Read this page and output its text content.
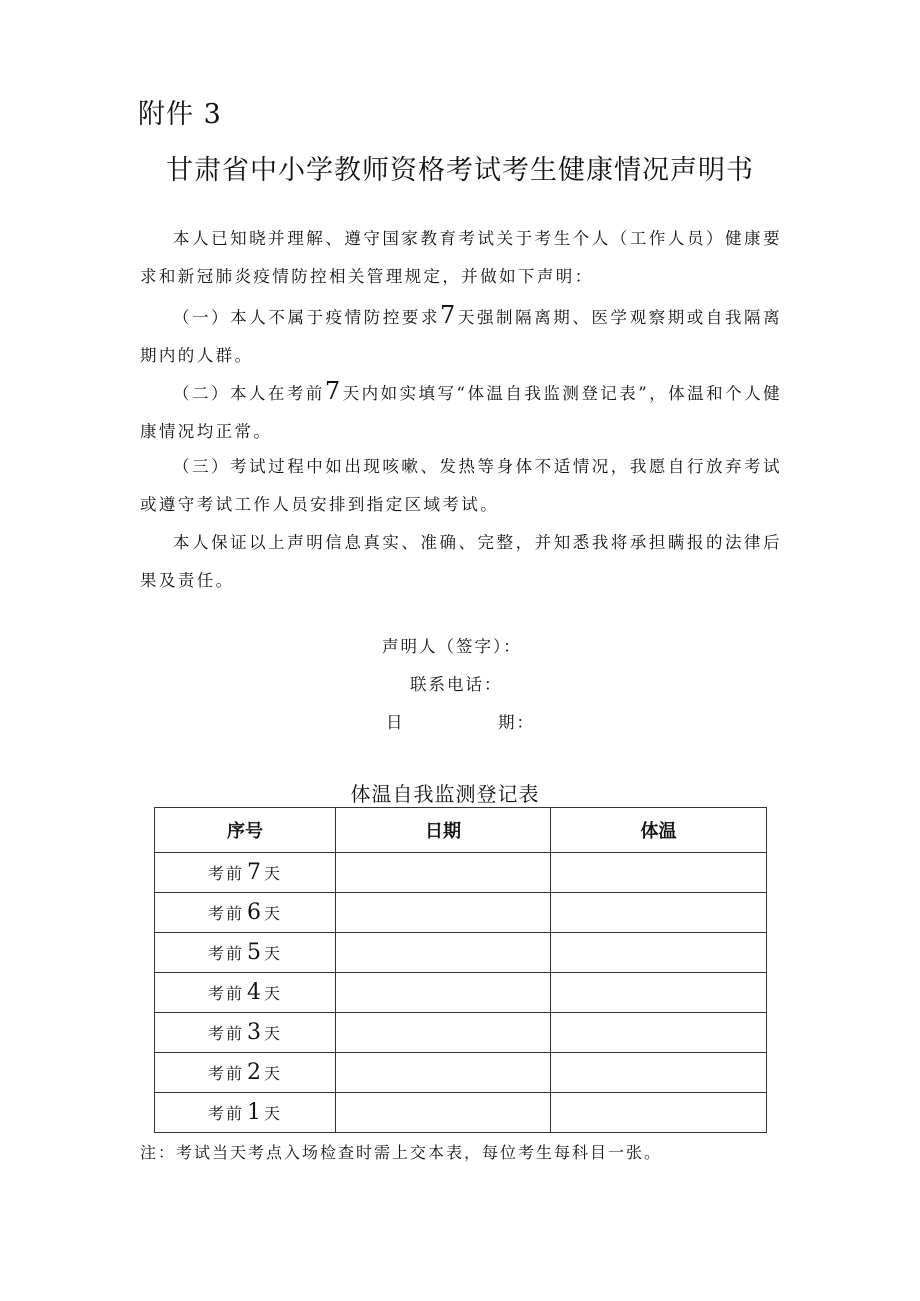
附件 3
甘肃省中小学教师资格考试考生健康情况声明书

本人已知晓并理解、遵守国家教育考试关于考生个人（工作人员）健康要求和新冠肺炎疫情防控相关管理规定，并做如下声明：

（一）本人不属于疫情防控要求7天强制隔离期、医学观察期或自我隔离期内的人群。

（二）本人在考前7天内如实填写“体温自我监测登记表”，体温和个人健康情况均正常。

（三）考试过程中如出现咳嗽、发热等身体不适情况，我愿自行放弃考试或遵守考试工作人员安排到指定区域考试。

本人保证以上声明信息真实、准确、完整，并知悉我将承担瞒报的法律后果及责任。

声明人（签字）：
联系电话：
日	期：
体温自我监测登记表
序号	日期	体温
考前 7 天		
考前 6 天		
考前 5 天		
考前 4 天		
考前 3 天		
考前 2 天		
考前 1 天		
注：考试当天考点入场检查时需上交本表，每位考生每科目一张。
